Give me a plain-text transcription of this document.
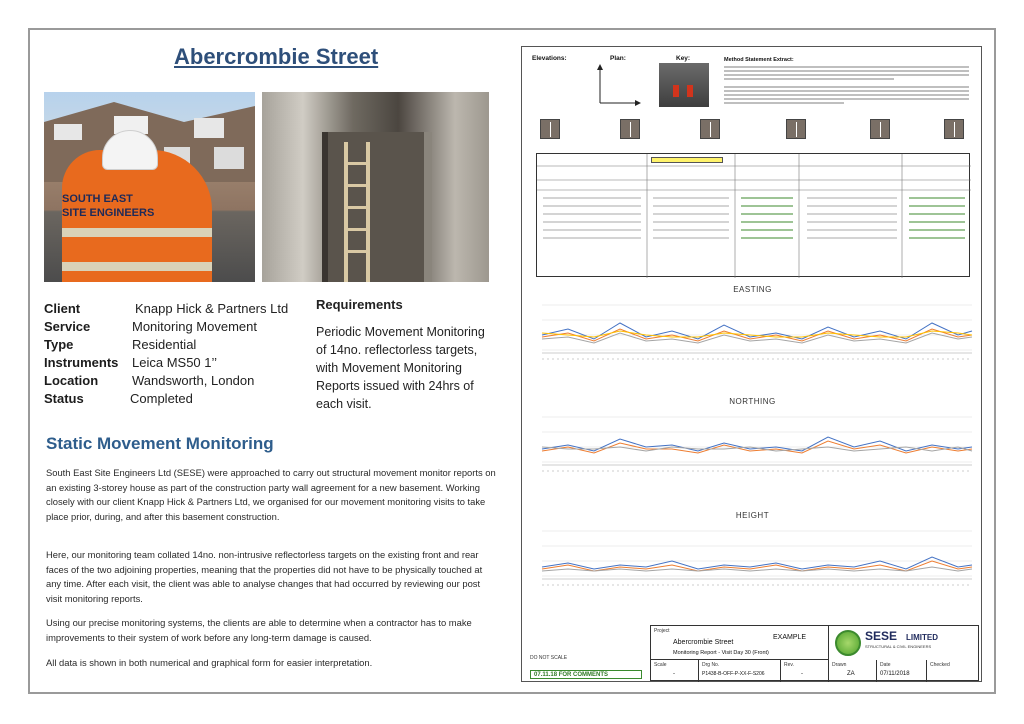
Abercrombie Street
SOUTH EAST
SITE ENGINEERS
Client	Knapp Hick & Partners Ltd
Service	Monitoring Movement
Type	Residential
Instruments	Leica MS50 1’’
Location	Wandsworth, London
Status	Completed
Requirements
Periodic Movement Monitoring of 14no. reflectorless targets, with Movement Monitoring Reports issued with 24hrs of each visit.
Static Movement Monitoring
South East Site Engineers Ltd (SESE) were approached to carry out structural movement monitor reports on an existing 3-storey house as part of the construction party wall agreement for a new basement. Working closely with our client Knapp Hick & Partners Ltd, we organised for our movement monitoring visits to take place prior, during, and after this basement construction.
Here, our monitoring team collated 14no. non-intrusive reflectorless targets on the existing front and rear faces of the two adjoining properties, meaning that the properties did not have to be physically touched at any time. After each visit, the client was able to analyse changes that had occurred by reviewing our post visit monitoring reports.
Using our precise monitoring systems, the clients are able to determine when a contractor has to make improvements to their system of work before any long-term damage is caused.
All data is shown in both numerical and graphical form for easier interpretation.
Elevations:	Plan:	Key:	Method Statement Extract:
EASTING
NORTHING
HEIGHT
DO NOT SCALE
07.11.18 FOR COMMENTS
Project
Abercrombie Street
EXAMPLE
Monitoring Report - Visit Day 30 (Front)
SESE LIMITED
STRUCTURAL & CIVIL ENGINEERS
Scale
-
Drg No.
P1438-B-OFF-P-XX-F-S206
Rev.
-
Drawn
ZA
Date
07/11/2018
Checked
